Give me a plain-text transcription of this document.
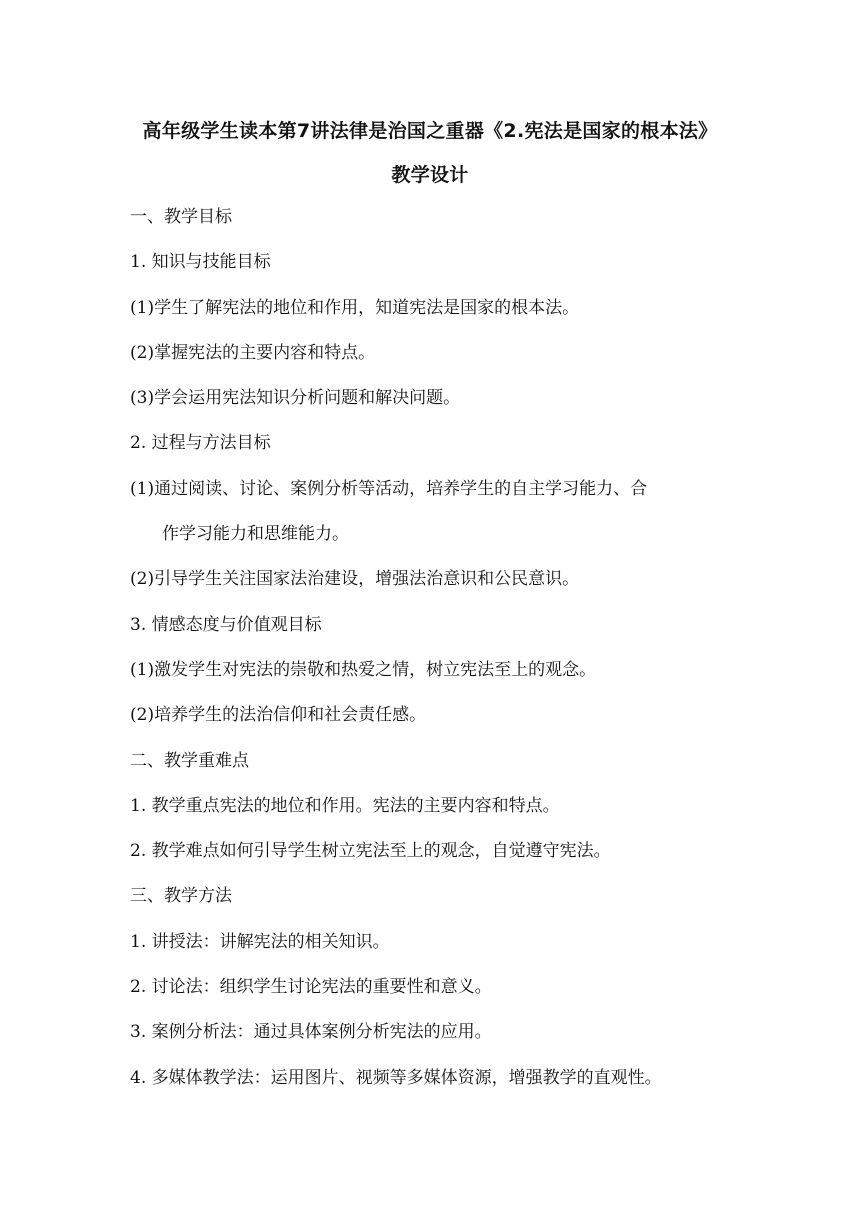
高年级学生读本第7讲法律是治国之重器《2.宪法是国家的根本法》
教学设计
一、教学目标
1. 知识与技能目标
(1)学生了解宪法的地位和作用，知道宪法是国家的根本法。
(2)掌握宪法的主要内容和特点。
(3)学会运用宪法知识分析问题和解决问题。
2. 过程与方法目标
(1)通过阅读、讨论、案例分析等活动，培养学生的自主学习能力、合
作学习能力和思维能力。
(2)引导学生关注国家法治建设，增强法治意识和公民意识。
3. 情感态度与价值观目标
(1)激发学生对宪法的崇敬和热爱之情，树立宪法至上的观念。
(2)培养学生的法治信仰和社会责任感。
二、教学重难点
1. 教学重点宪法的地位和作用。宪法的主要内容和特点。
2. 教学难点如何引导学生树立宪法至上的观念，自觉遵守宪法。
三、教学方法
1. 讲授法：讲解宪法的相关知识。
2. 讨论法：组织学生讨论宪法的重要性和意义。
3. 案例分析法：通过具体案例分析宪法的应用。
4. 多媒体教学法：运用图片、视频等多媒体资源，增强教学的直观性。
